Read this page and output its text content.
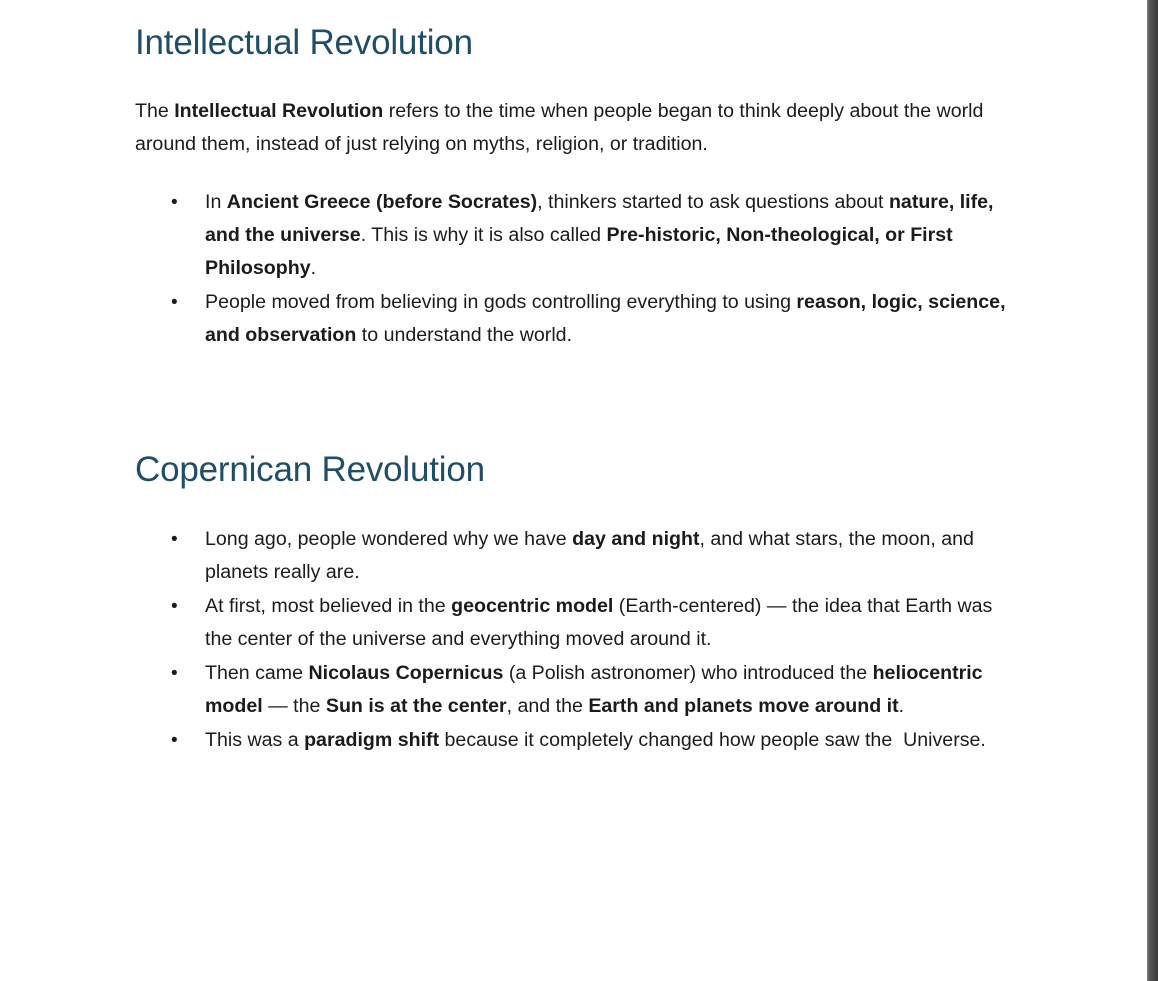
Intellectual Revolution

The Intellectual Revolution refers to the time when people began to think deeply about the world around them, instead of just relying on myths, religion, or tradition.

• In Ancient Greece (before Socrates), thinkers started to ask questions about nature, life, and the universe. This is why it is also called Pre-historic, Non-theological, or First Philosophy.
• People moved from believing in gods controlling everything to using reason, logic, science, and observation to understand the world.
Copernican Revolution
• Long ago, people wondered why we have day and night, and what stars, the moon, and planets really are.
• At first, most believed in the geocentric model (Earth-centered) — the idea that Earth was the center of the universe and everything moved around it.
• Then came Nicolaus Copernicus (a Polish astronomer) who introduced the heliocentric model — the Sun is at the center, and the Earth and planets move around it.
• This was a paradigm shift because it completely changed how people saw the  Universe.
